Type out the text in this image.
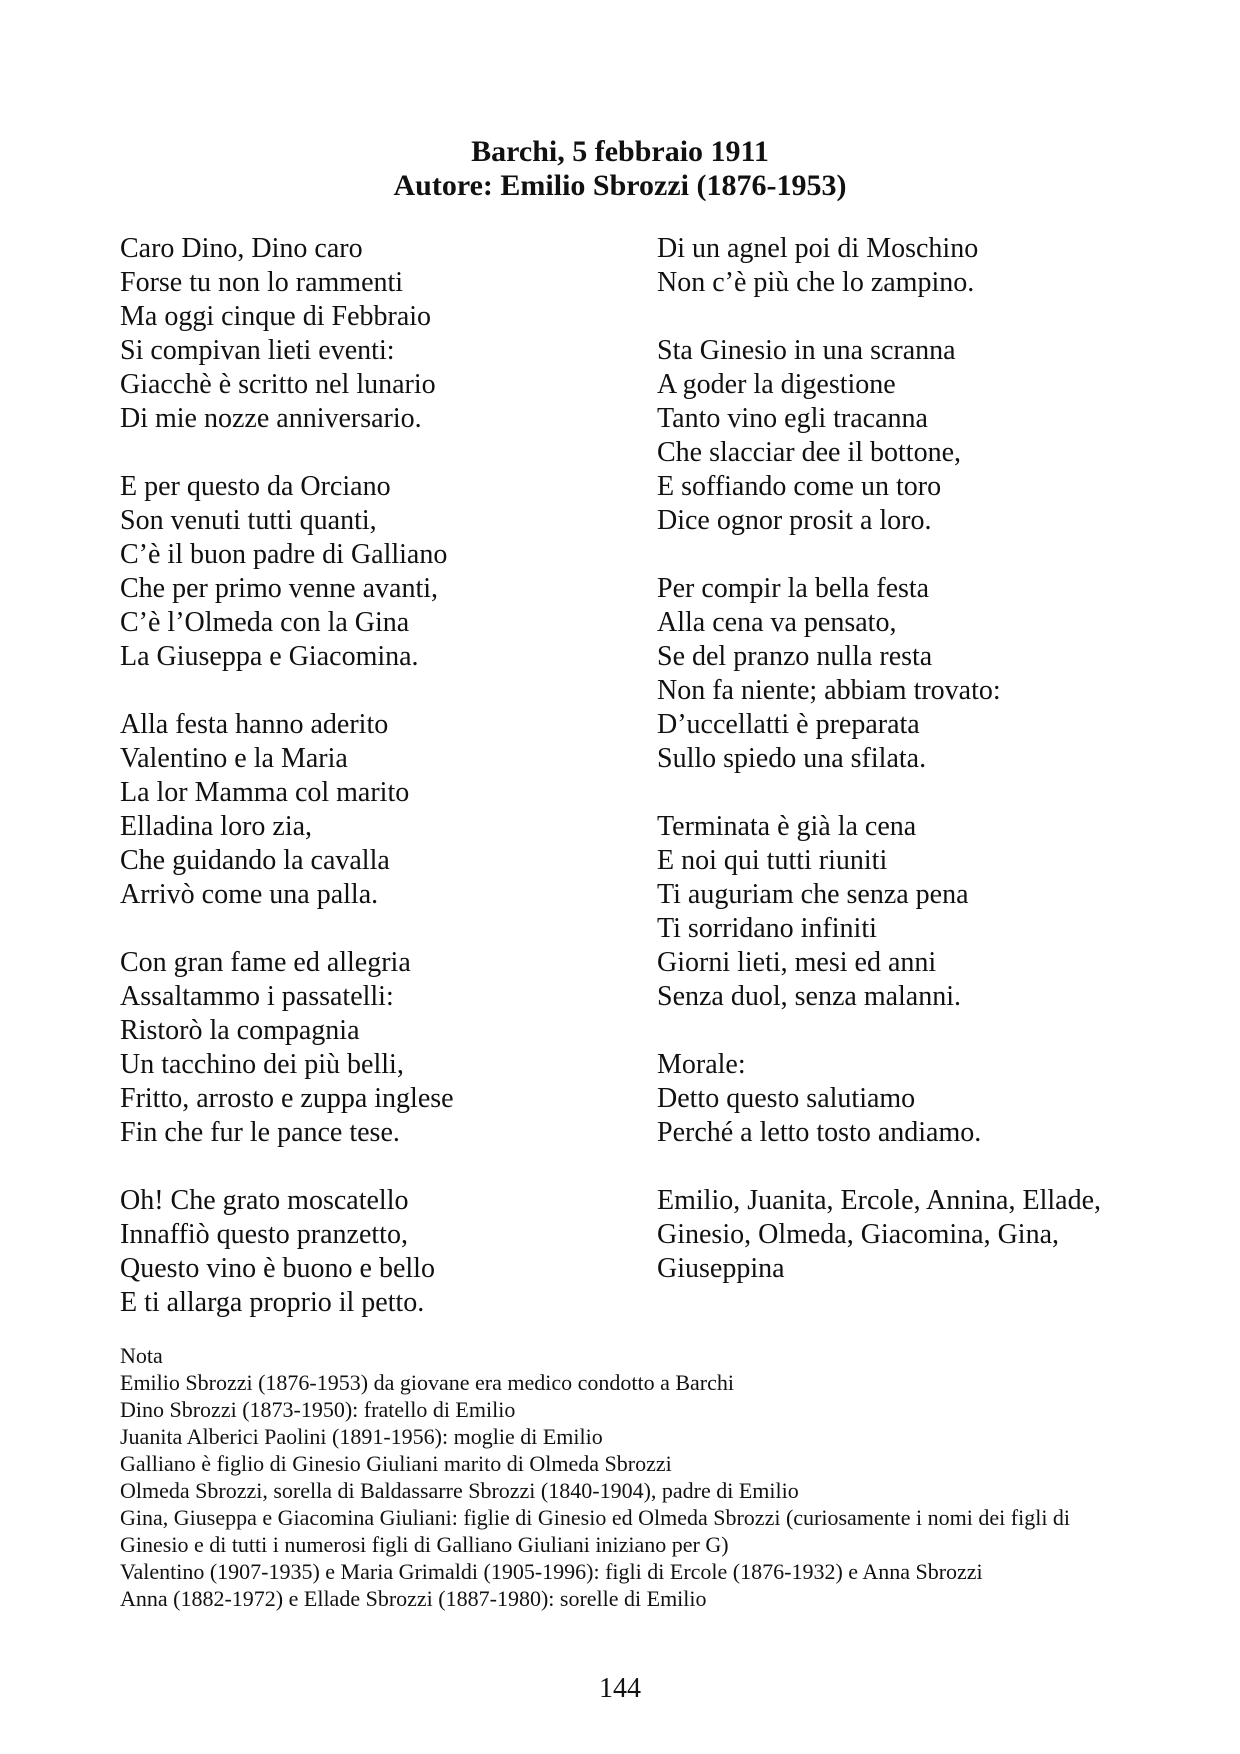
Barchi, 5 febbraio 1911
Autore: Emilio Sbrozzi (1876-1953)
Caro Dino, Dino caro
Forse tu non lo rammenti
Ma oggi cinque di Febbraio
Si compivan lieti eventi:
Giacchè è scritto nel lunario
Di mie nozze anniversario.
E per questo da Orciano
Son venuti tutti quanti,
C’è il buon padre di Galliano
Che per primo venne avanti,
C’è l’Olmeda con la Gina
La Giuseppa e Giacomina.
Alla festa hanno aderito
Valentino e la Maria
La lor Mamma col marito
Elladina loro zia,
Che guidando la cavalla
Arrivò come una palla.
Con gran fame ed allegria
Assaltammo i passatelli:
Ristorò la compagnia
Un tacchino dei più belli,
Fritto, arrosto e zuppa inglese
Fin che fur le pance tese.
Oh! Che grato moscatello
Innaffiò questo pranzetto,
Questo vino è buono e bello
E ti allarga proprio il petto.
Di un agnel poi di Moschino
Non c’è più che lo zampino.
Sta Ginesio in una scranna
A goder la digestione
Tanto vino egli tracanna
Che slacciar dee il bottone,
E soffiando come un toro
Dice ognor prosit a loro.
Per compir la bella festa
Alla cena va pensato,
Se del pranzo nulla resta
Non fa niente; abbiam trovato:
D’uccellatti è preparata
Sullo spiedo una sfilata.
Terminata è già la cena
E noi qui tutti riuniti
Ti auguriam che senza pena
Ti sorridano infiniti
Giorni lieti, mesi ed anni
Senza duol, senza malanni.
Morale:
Detto questo salutiamo
Perché a letto tosto andiamo.
Emilio, Juanita, Ercole, Annina, Ellade,
Ginesio, Olmeda, Giacomina, Gina,
Giuseppina
Nota
Emilio Sbrozzi (1876-1953) da giovane era medico condotto a Barchi
Dino Sbrozzi (1873-1950): fratello di Emilio
Juanita Alberici Paolini (1891-1956): moglie di Emilio
Galliano è figlio di Ginesio Giuliani marito di Olmeda Sbrozzi
Olmeda Sbrozzi, sorella di Baldassarre Sbrozzi (1840-1904), padre di Emilio
Gina, Giuseppa e Giacomina Giuliani: figlie di Ginesio ed Olmeda Sbrozzi (curiosamente i nomi dei figli di
Ginesio e di tutti i numerosi figli di Galliano Giuliani iniziano per G)
Valentino (1907-1935) e Maria Grimaldi (1905-1996): figli di Ercole (1876-1932) e Anna Sbrozzi
Anna (1882-1972) e Ellade Sbrozzi (1887-1980): sorelle di Emilio
144
